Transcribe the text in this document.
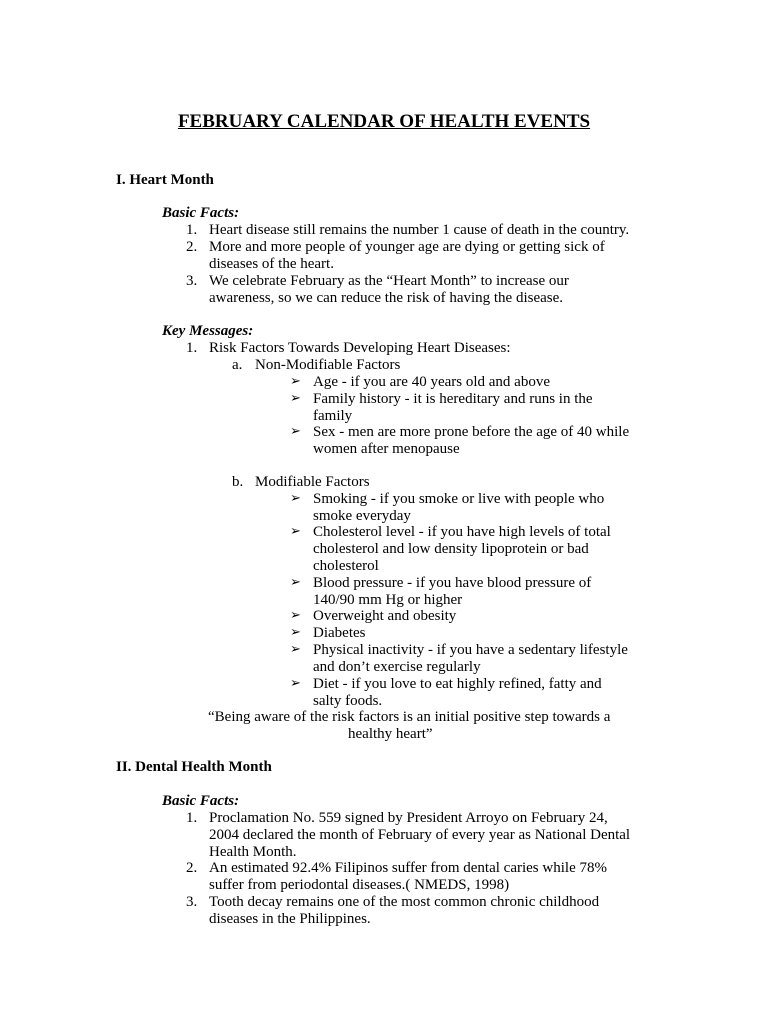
FEBRUARY CALENDAR OF HEALTH EVENTS
I. Heart Month
Basic Facts:
1. Heart disease still remains the number 1 cause of death in the country.
2. More and more people of younger age are dying or getting sick of
diseases of the heart.
3. We celebrate February as the “Heart Month” to increase our
awareness, so we can reduce the risk of having the disease.
Key Messages:
1. Risk Factors Towards Developing Heart Diseases:
a. Non-Modifiable Factors
➢ Age - if you are 40 years old and above
➢ Family history - it is hereditary and runs in the
family
➢ Sex - men are more prone before the age of 40 while
women after menopause
b. Modifiable Factors
➢ Smoking - if you smoke or live with people who
smoke everyday
➢ Cholesterol level - if you have high levels of total
cholesterol and low density lipoprotein or bad
cholesterol
➢ Blood pressure - if you have blood pressure of
140/90 mm Hg or higher
➢ Overweight and obesity
➢ Diabetes
➢ Physical inactivity - if you have a sedentary lifestyle
and don’t exercise regularly
➢ Diet - if you love to eat highly refined, fatty and
salty foods.
“Being aware of the risk factors is an initial positive step towards a
healthy heart”
II. Dental Health Month
Basic Facts:
1. Proclamation No. 559 signed by President Arroyo on February 24,
2004 declared the month of February of every year as National Dental
Health Month.
2. An estimated 92.4% Filipinos suffer from dental caries while 78%
suffer from periodontal diseases.( NMEDS, 1998)
3. Tooth decay remains one of the most common chronic childhood
diseases in the Philippines.
